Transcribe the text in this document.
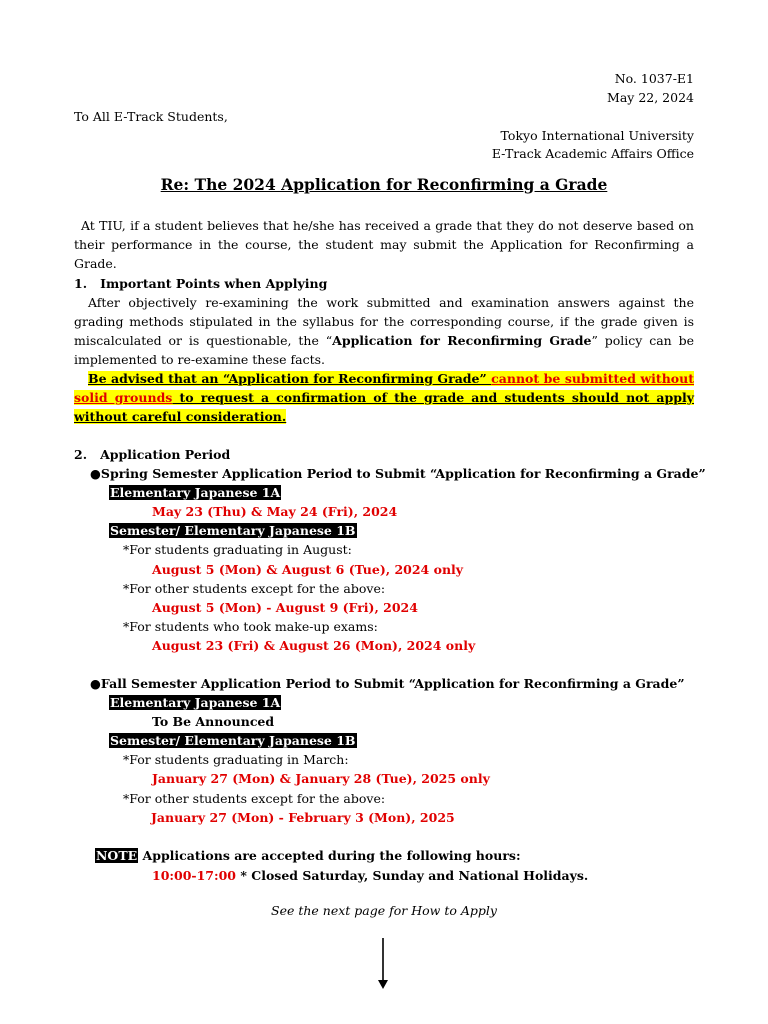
No. 1037-E1
May 22, 2024
To All E-Track Students,
Tokyo International University
E-Track Academic Affairs Office
Re: The 2024 Application for Reconfirming a Grade
At TIU, if a student believes that he/she has received a grade that they do not deserve based on their performance in the course, the student may submit the Application for Reconfirming a Grade.
1.   Important Points when Applying
After objectively re-examining the work submitted and examination answers against the grading methods stipulated in the syllabus for the corresponding course, if the grade given is miscalculated or is questionable, the “Application for Reconfirming Grade” policy can be implemented to re-examine these facts.
Be advised that an “Application for Reconfirming Grade” cannot be submitted without solid grounds to request a confirmation of the grade and students should not apply without careful consideration.
2.   Application Period
●Spring Semester Application Period to Submit “Application for Reconfirming a Grade”
Elementary Japanese 1A
May 23 (Thu) & May 24 (Fri), 2024
Semester/ Elementary Japanese 1B
*For students graduating in August:
August 5 (Mon) & August 6 (Tue), 2024 only
*For other students except for the above:
August 5 (Mon) - August 9 (Fri), 2024
*For students who took make-up exams:
August 23 (Fri) & August 26 (Mon), 2024 only
●Fall Semester Application Period to Submit “Application for Reconfirming a Grade”
Elementary Japanese 1A
To Be Announced
Semester/ Elementary Japanese 1B
*For students graduating in March:
January 27 (Mon) & January 28 (Tue), 2025 only
*For other students except for the above:
January 27 (Mon) - February 3 (Mon), 2025
NOTE Applications are accepted during the following hours:
10:00-17:00 * Closed Saturday, Sunday and National Holidays.
See the next page for How to Apply
